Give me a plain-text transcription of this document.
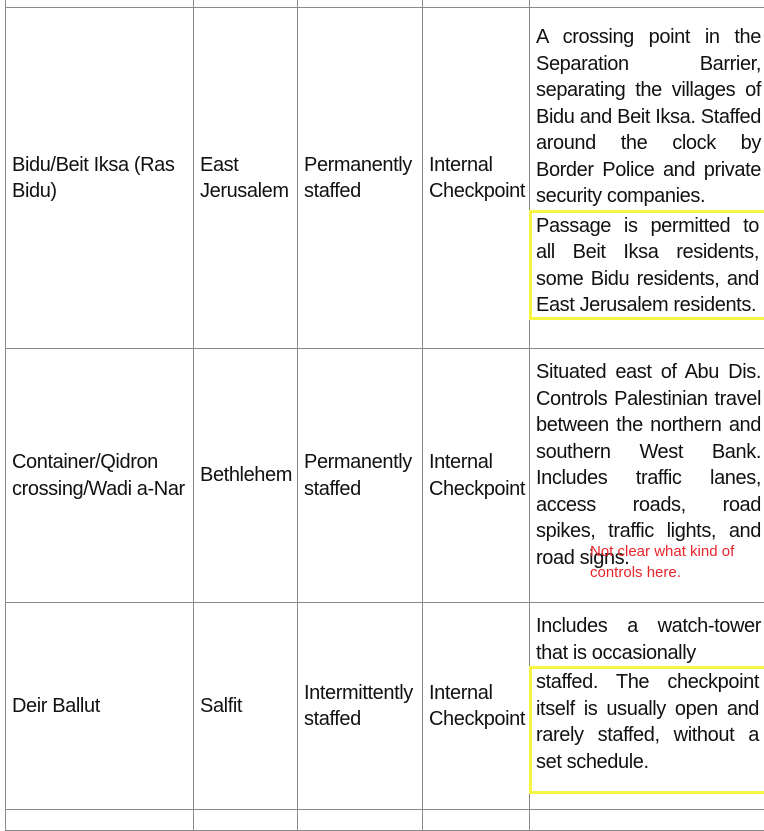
Bidu/Beit Iksa (Ras Bidu)	East Jerusalem	Permanently staffed	Internal Checkpoint	A crossing point in the Separation Barrier, separating the villages of Bidu and Beit Iksa. Staffed around the clock by Border Police and private security companies.
Passage is permitted to all Beit Iksa residents, some Bidu residents, and East Jerusalem residents.

Container/Qidron crossing/Wadi a-Nar	Bethlehem	Permanently staffed	Internal Checkpoint	Situated east of Abu Dis. Controls Palestinian travel between the northern and southern West Bank. Includes traffic lanes, access roads, road spikes, traffic lights, and road signs.
Not clear what kind of controls here.

Deir Ballut	Salfit	Intermittently staffed	Internal Checkpoint	Includes a watch-tower that is occasionally
staffed. The checkpoint itself is usually open and rarely staffed, without a set schedule.
